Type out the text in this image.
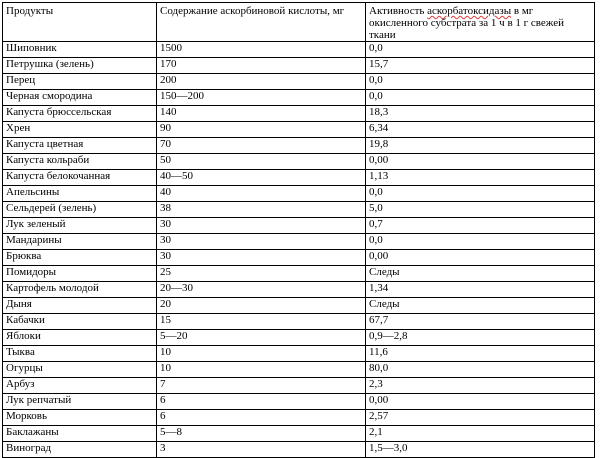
Продукты	Содержание аскорбиновой кислоты, мг	Активность аскорбатоксидазы в мг окисленного субстрата за 1 ч в 1 г свежей ткани
Шиповник	1500	0,0
Петрушка (зелень)	170	15,7
Перец	200	0,0
Черная смородина	150—200	0,0
Капуста брюссельская	140	18,3
Хрен	90	6,34
Капуста цветная	70	19,8
Капуста кольраби	50	0,00
Капуста белокочанная	40—50	1,13
Апельсины	40	0,0
Сельдерей (зелень)	38	5,0
Лук зеленый	30	0,7
Мандарины	30	0,0
Брюква	30	0,00
Помидоры	25	Следы
Картофель молодой	20—30	1,34
Дыня	20	Следы
Кабачки	15	67,7
Яблоки	5—20	0,9—2,8
Тыква	10	11,6
Огурцы	10	80,0
Арбуз	7	2,3
Лук репчатый	6	0,00
Морковь	6	2,57
Баклажаны	5—8	2,1
Виноград	3	1,5—3,0
